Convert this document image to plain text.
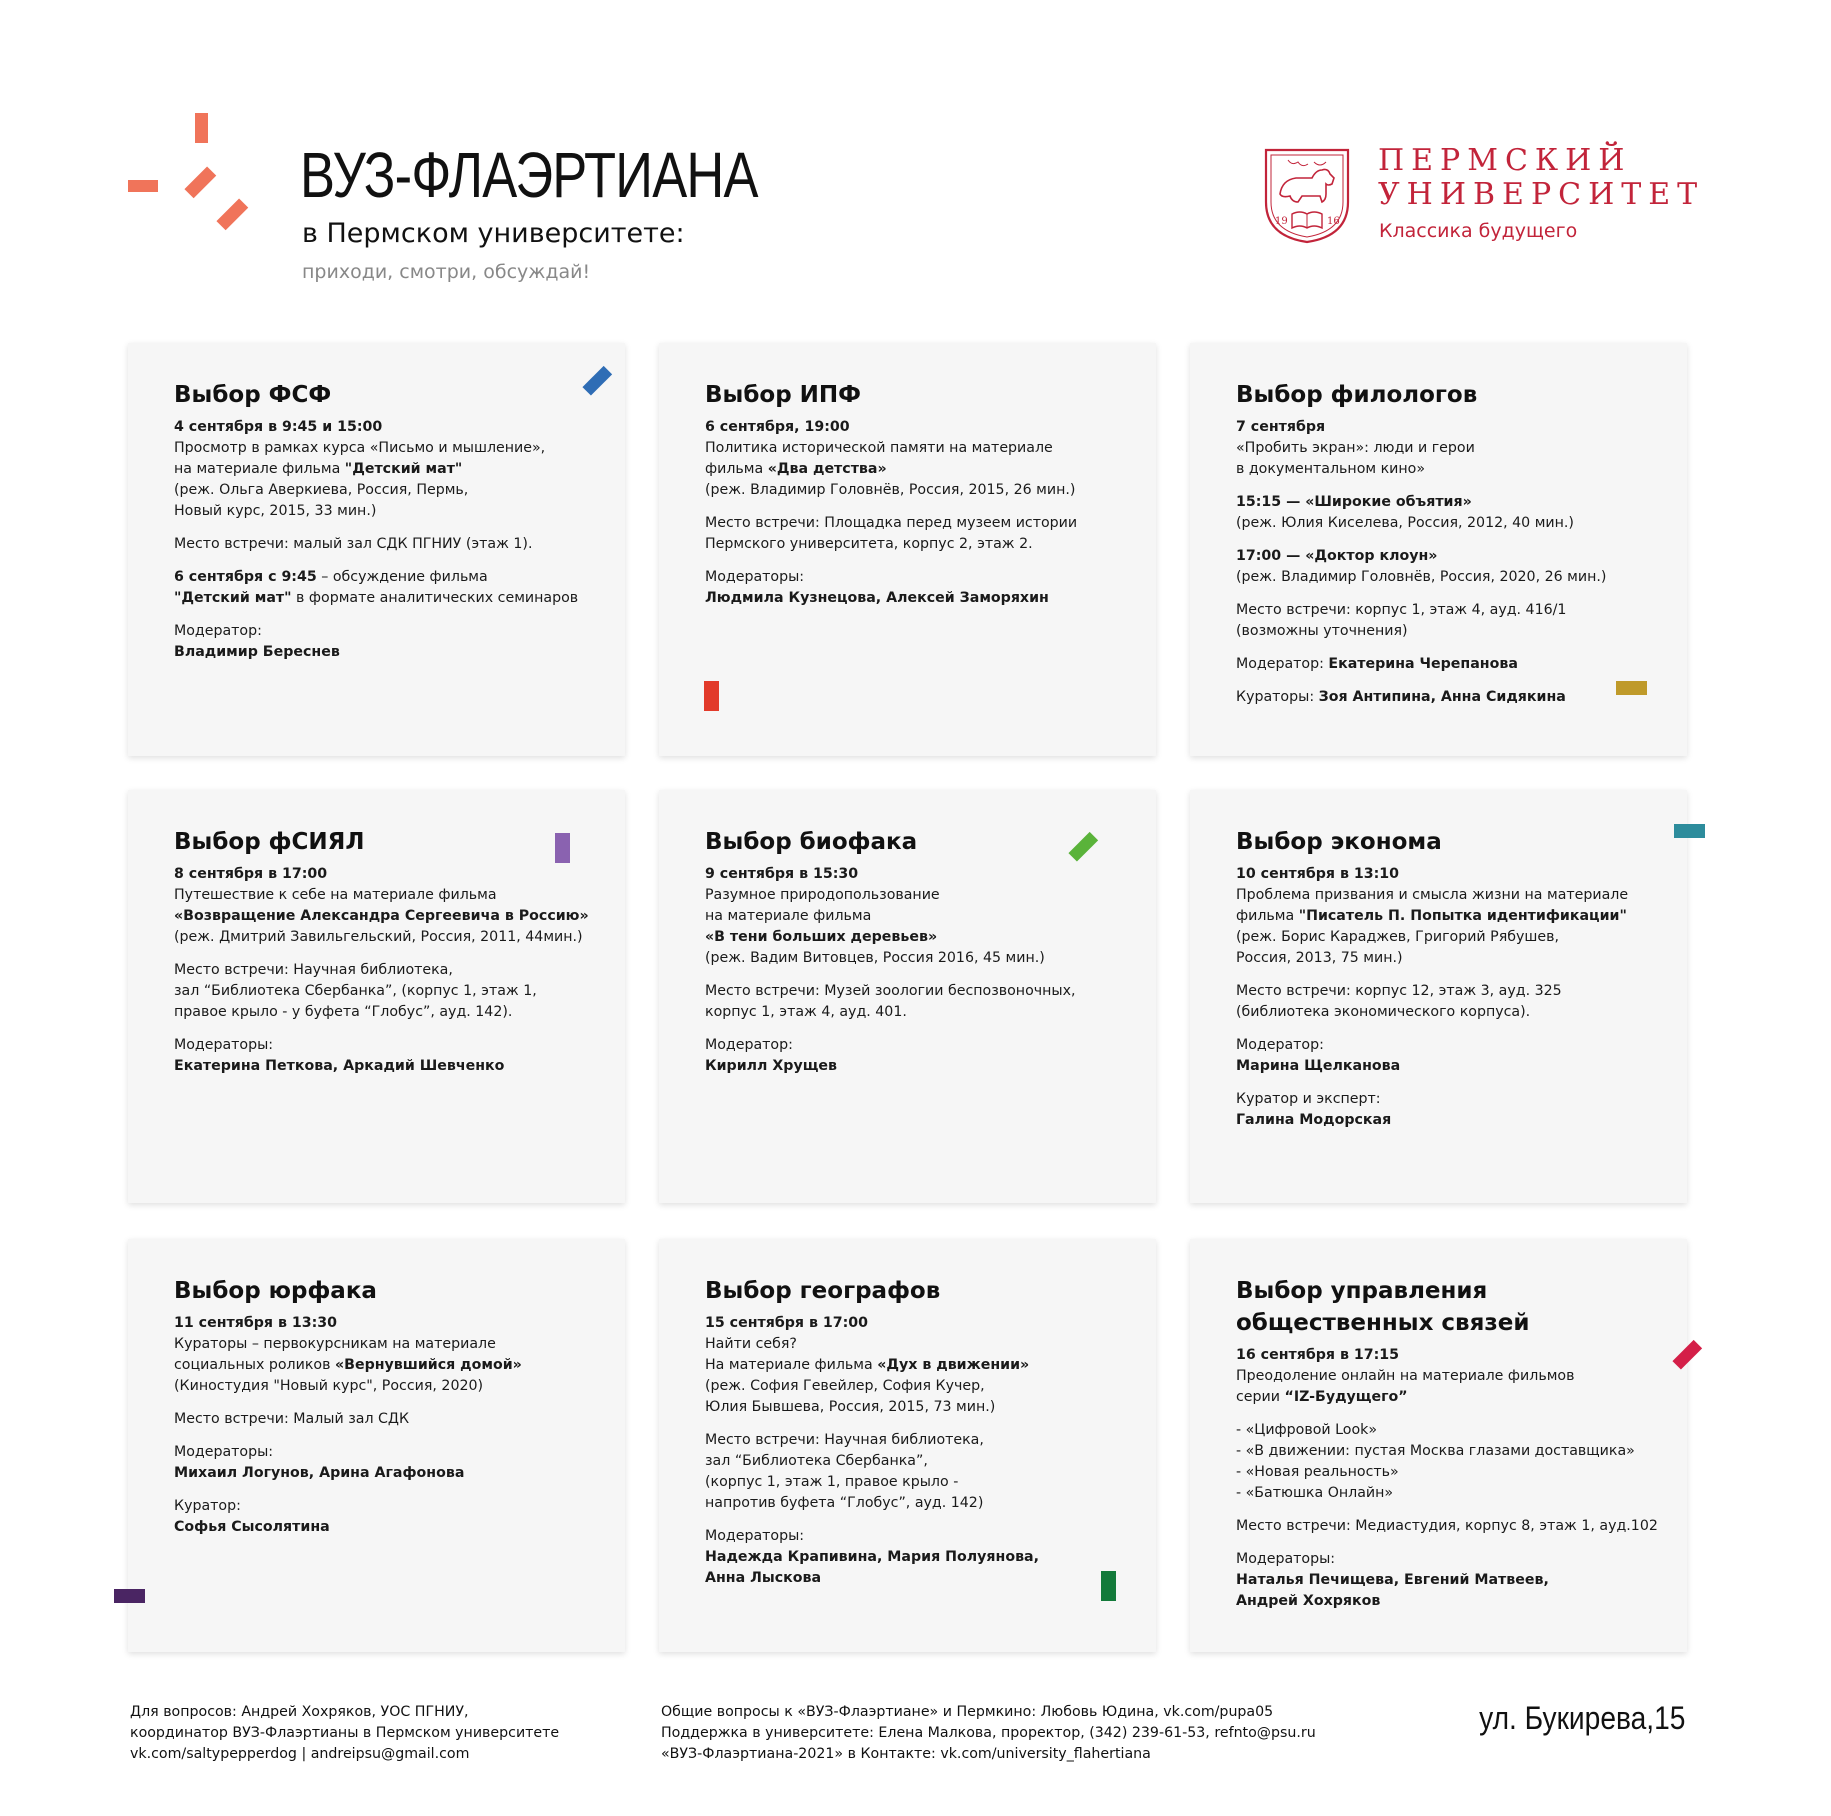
ВУЗ-ФЛАЭРТИАНА
в Пермском университете:
приходи, смотри, обсуждай!
19	16
ПЕРМСКИЙ
УНИВЕРСИТЕТ
Классика будущего
Выбор ФСФ
4 сентября в 9:45 и 15:00
Просмотр в рамках курса «Письмо и мышление»,
на материале фильма "Детский мат"
(реж. Ольга Аверкиева, Россия, Пермь,
Новый курс, 2015, 33 мин.)
Место встречи: малый зал СДК ПГНИУ (этаж 1).
6 сентября с 9:45 – обсуждение фильма
"Детский мат" в формате аналитических семинаров
Модератор:
Владимир Береснев
Выбор ИПФ
6 сентября, 19:00
Политика исторической памяти на материале
фильма «Два детства»
(реж. Владимир Головнёв, Россия, 2015, 26 мин.)
Место встречи: Площадка перед музеем истории
Пермского университета, корпус 2, этаж 2.
Модераторы:
Людмила Кузнецова, Алексей Заморяхин
Выбор филологов
7 сентября
«Пробить экран»: люди и герои
в документальном кино»
15:15 — «Широкие объятия»
(реж. Юлия Киселева, Россия, 2012, 40 мин.)
17:00 — «Доктор клоун»
(реж. Владимир Головнёв, Россия, 2020, 26 мин.)
Место встречи: корпус 1, этаж 4, ауд. 416/1
(возможны уточнения)
Модератор: Екатерина Черепанова
Кураторы: Зоя Антипина, Анна Сидякина
Выбор фСИЯЛ
8 сентября в 17:00
Путешествие к себе на материале фильма
«Возвращение Александра Сергеевича в Россию»
(реж. Дмитрий Завильгельский, Россия, 2011, 44мин.)
Место встречи: Научная библиотека,
зал “Библиотека Сбербанка”, (корпус 1, этаж 1,
правое крыло - у буфета “Глобус”, ауд. 142).
Модераторы:
Екатерина Петкова, Аркадий Шевченко
Выбор биофака
9 сентября в 15:30
Разумное природопользование
на материале фильма
«В тени больших деревьев»
(реж. Вадим Витовцев, Россия 2016, 45 мин.)
Место встречи: Музей зоологии беспозвоночных,
корпус 1, этаж 4, ауд. 401.
Модератор:
Кирилл Хрущев
Выбор эконома
10 сентября в 13:10
Проблема призвания и смысла жизни на материале
фильма "Писатель П. Попытка идентификации"
(реж. Борис Караджев, Григорий Рябушев,
Россия, 2013, 75 мин.)
Место встречи: корпус 12, этаж 3, ауд. 325
(библиотека экономического корпуса).
Модератор:
Марина Щелканова
Куратор и эксперт:
Галина Модорская
Выбор юрфака
11 сентября в 13:30
Кураторы – первокурсникам на материале
социальных роликов «Вернувшийся домой»
(Киностудия "Новый курс", Россия, 2020)
Место встречи: Малый зал СДК
Модераторы:
Михаил Логунов, Арина Агафонова
Куратор:
Софья Сысолятина
Выбор географов
15 сентября в 17:00
Найти себя?
На материале фильма «Дух в движении»
(реж. София Гевейлер, София Кучер,
Юлия Бывшева, Россия, 2015, 73 мин.)
Место встречи: Научная библиотека,
зал “Библиотека Сбербанка”,
(корпус 1, этаж 1, правое крыло -
напротив буфета “Глобус”, ауд. 142)
Модераторы:
Надежда Крапивина, Мария Полуянова,
Анна Лыскова
Выбор управления общественных связей
16 сентября в 17:15
Преодоление онлайн на материале фильмов
серии “IZ-Будущего”
- «Цифровой Look»
- «В движении: пустая Москва глазами доставщика»
- «Новая реальность»
- «Батюшка Онлайн»
Место встречи: Медиастудия, корпус 8, этаж 1, ауд.102
Модераторы:
Наталья Печищева, Евгений Матвеев,
Андрей Хохряков
Для вопросов: Андрей Хохряков, УОС ПГНИУ,
координатор ВУЗ-Флаэртианы в Пермском университете
vk.com/saltypepperdog | andreipsu@gmail.com
Общие вопросы к «ВУЗ-Флаэртиане» и Пермкино: Любовь Юдина, vk.com/pupa05
Поддержка в университете: Елена Малкова, проректор, (342) 239-61-53, refnto@psu.ru
«ВУЗ-Флаэртиана-2021» в Контакте: vk.com/university_flahertiana
ул. Букирева,15
